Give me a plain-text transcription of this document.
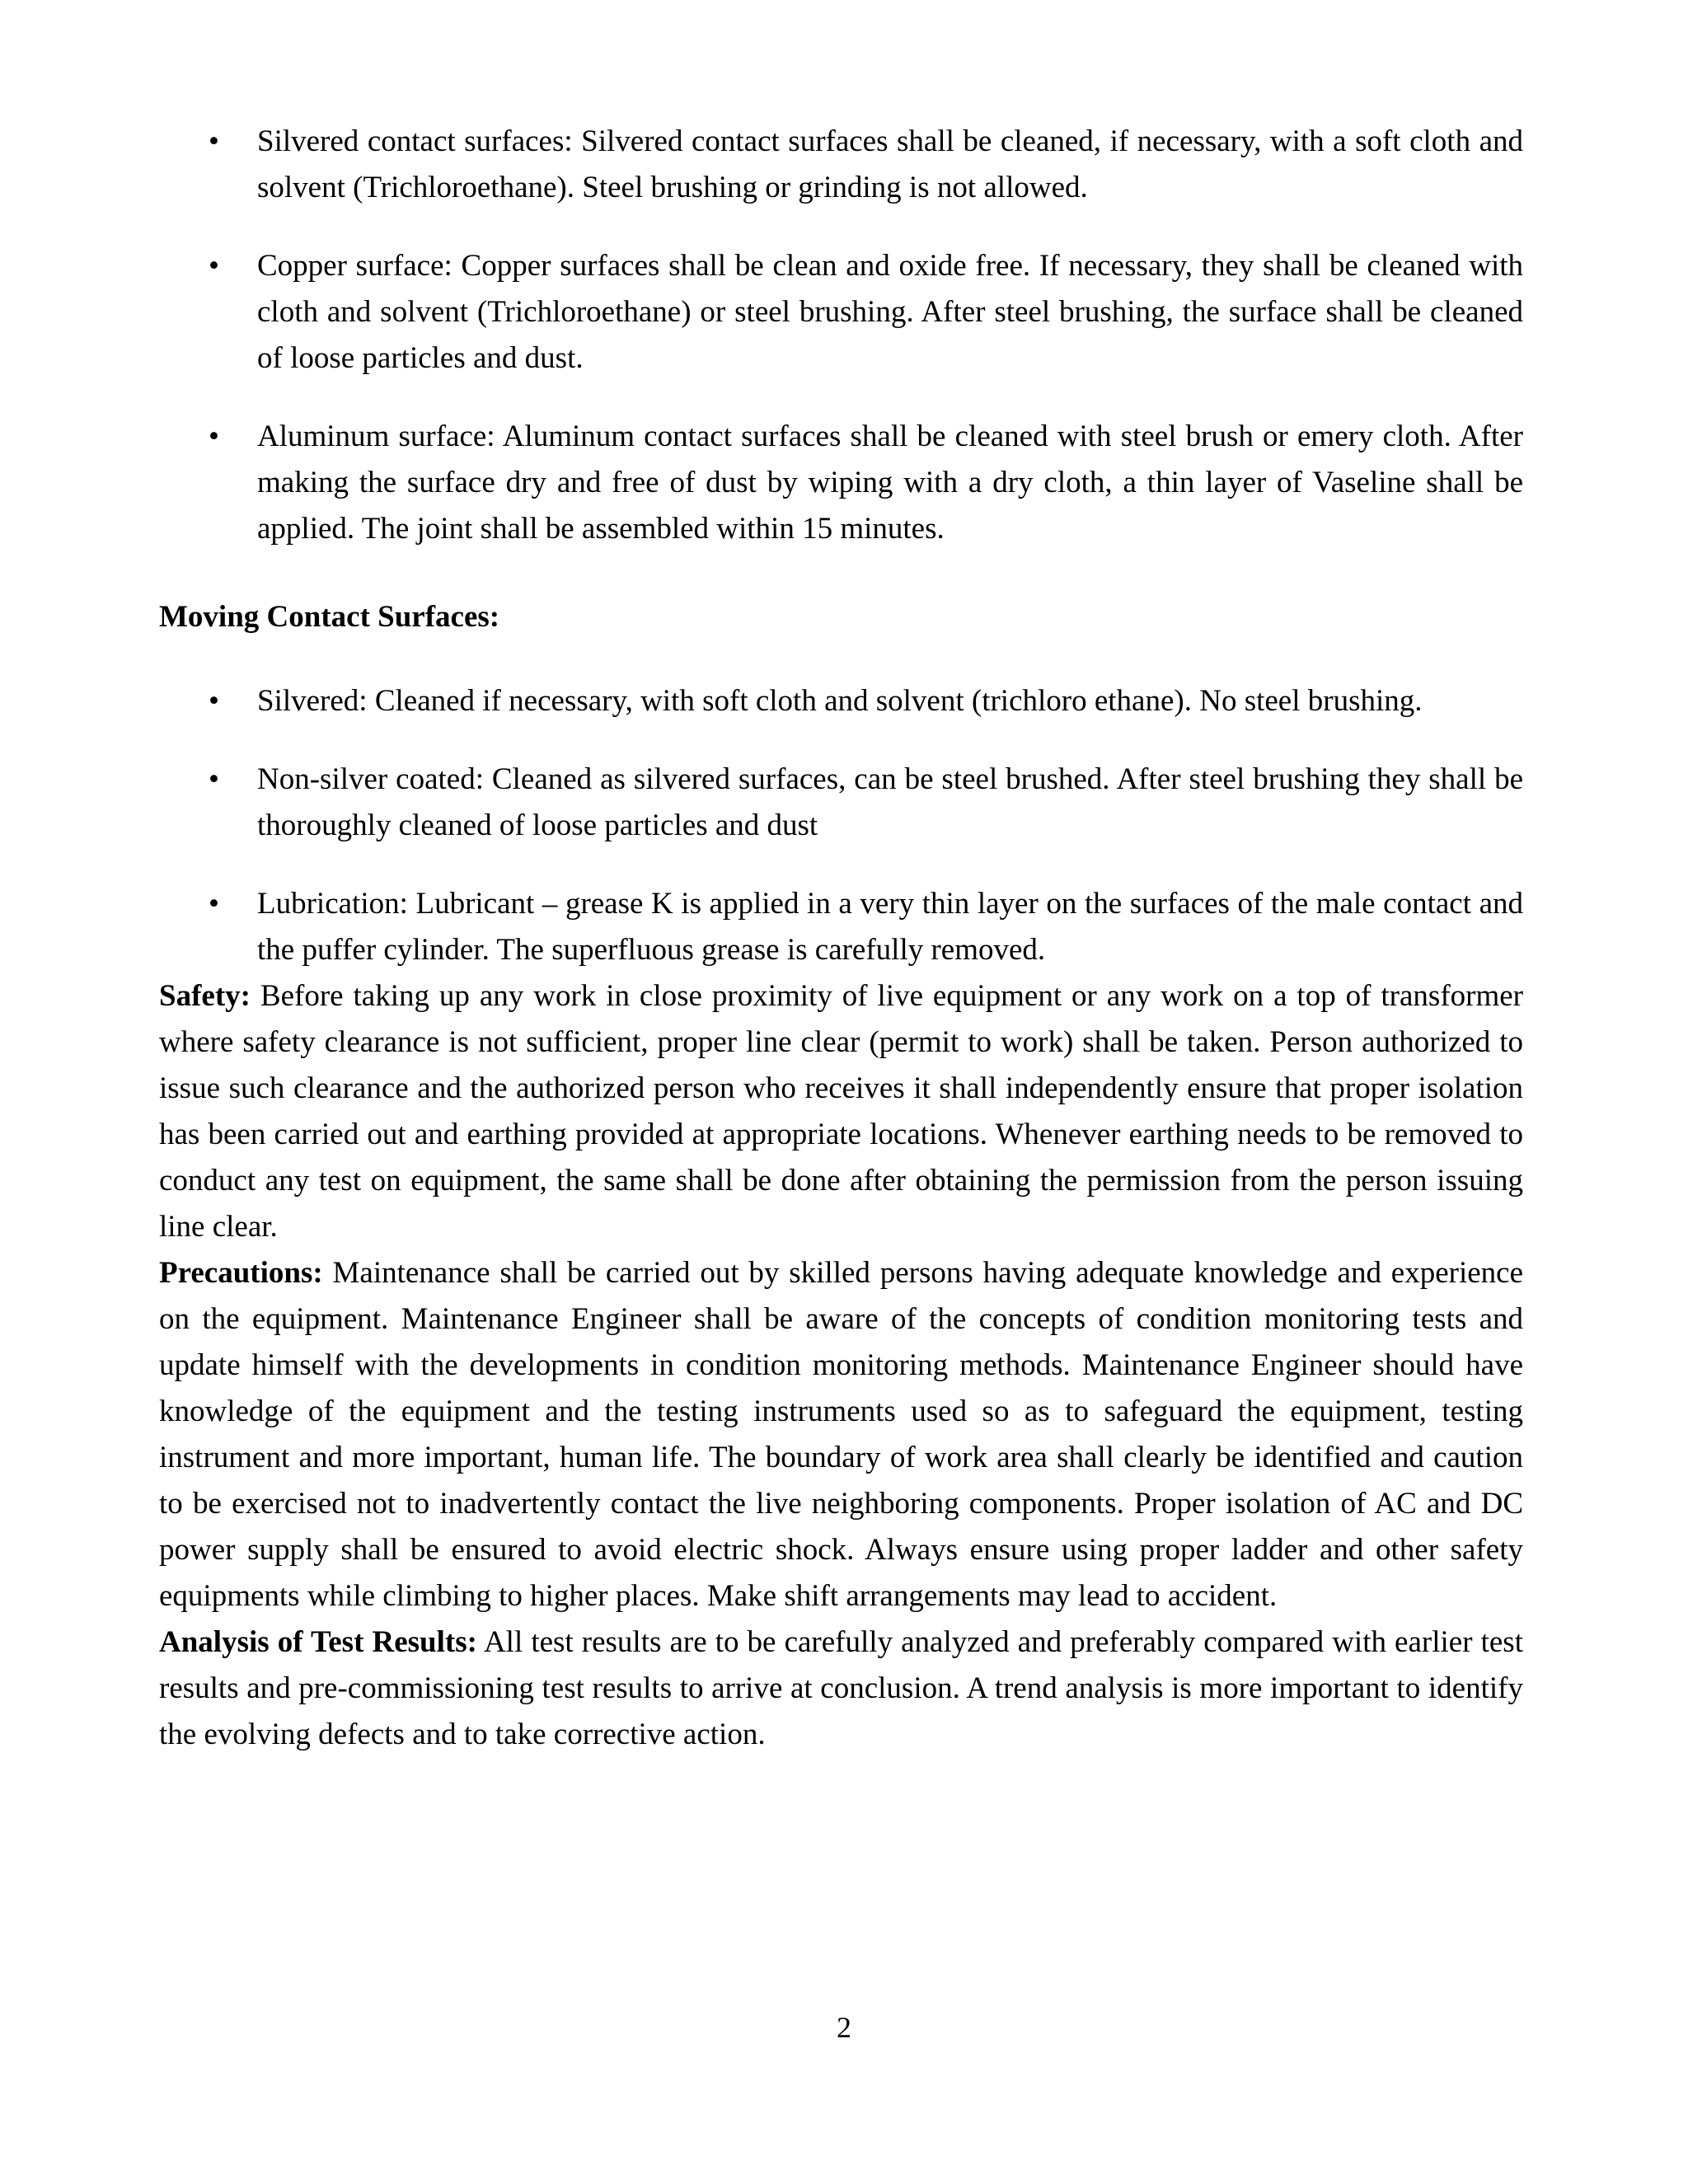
•	Silvered contact surfaces: Silvered contact surfaces shall be cleaned, if necessary, with a soft cloth and solvent (Trichloroethane). Steel brushing or grinding is not allowed.
•	Copper surface: Copper surfaces shall be clean and oxide free. If necessary, they shall be cleaned with cloth and solvent (Trichloroethane) or steel brushing. After steel brushing, the surface shall be cleaned of loose particles and dust.
•	Aluminum surface: Aluminum contact surfaces shall be cleaned with steel brush or emery cloth. After making the surface dry and free of dust by wiping with a dry cloth, a thin layer of Vaseline shall be applied. The joint shall be assembled within 15 minutes.
Moving Contact Surfaces:
•	Silvered: Cleaned if necessary, with soft cloth and solvent (trichloro ethane). No steel brushing.
•	Non-silver coated: Cleaned as silvered surfaces, can be steel brushed. After steel brushing they shall be thoroughly cleaned of loose particles and dust
•	Lubrication: Lubricant – grease K is applied in a very thin layer on the surfaces of the male contact and the puffer cylinder. The superfluous grease is carefully removed.

Safety: Before taking up any work in close proximity of live equipment or any work on a top of transformer where safety clearance is not sufficient, proper line clear (permit to work) shall be taken. Person authorized to issue such clearance and the authorized person who receives it shall independently ensure that proper isolation has been carried out and earthing provided at appropriate locations. Whenever earthing needs to be removed to conduct any test on equipment, the same shall be done after obtaining the permission from the person issuing line clear.

Precautions: Maintenance shall be carried out by skilled persons having adequate knowledge and experience on the equipment. Maintenance Engineer shall be aware of the concepts of condition monitoring tests and update himself with the developments in condition monitoring methods. Maintenance Engineer should have knowledge of the equipment and the testing instruments used so as to safeguard the equipment, testing instrument and more important, human life. The boundary of work area shall clearly be identified and caution to be exercised not to inadvertently contact the live neighboring components. Proper isolation of AC and DC power supply shall be ensured to avoid electric shock. Always ensure using proper ladder and other safety equipments while climbing to higher places. Make shift arrangements may lead to accident.

Analysis of Test Results: All test results are to be carefully analyzed and preferably compared with earlier test results and pre-commissioning test results to arrive at conclusion. A trend analysis is more important to identify the evolving defects and to take corrective action.

2
